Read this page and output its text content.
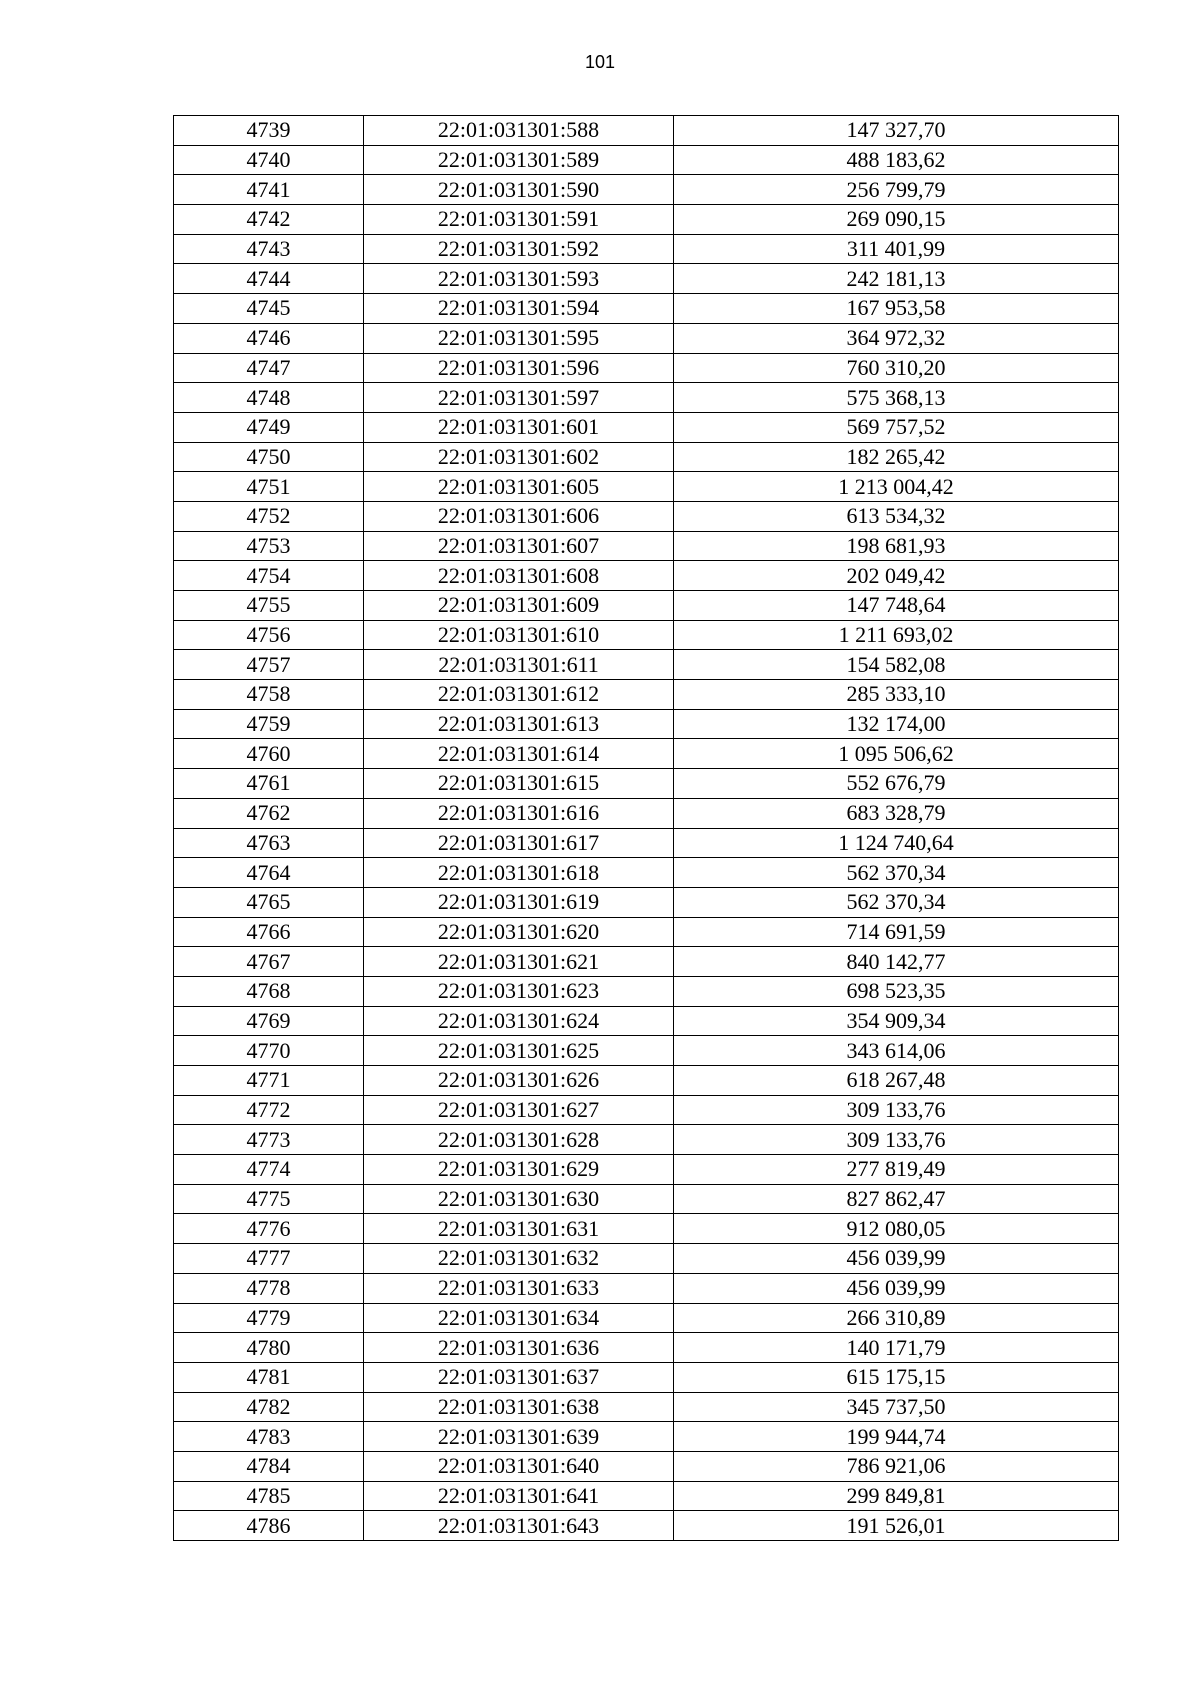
101
4739	22:01:031301:588	147 327,70
4740	22:01:031301:589	488 183,62
4741	22:01:031301:590	256 799,79
4742	22:01:031301:591	269 090,15
4743	22:01:031301:592	311 401,99
4744	22:01:031301:593	242 181,13
4745	22:01:031301:594	167 953,58
4746	22:01:031301:595	364 972,32
4747	22:01:031301:596	760 310,20
4748	22:01:031301:597	575 368,13
4749	22:01:031301:601	569 757,52
4750	22:01:031301:602	182 265,42
4751	22:01:031301:605	1 213 004,42
4752	22:01:031301:606	613 534,32
4753	22:01:031301:607	198 681,93
4754	22:01:031301:608	202 049,42
4755	22:01:031301:609	147 748,64
4756	22:01:031301:610	1 211 693,02
4757	22:01:031301:611	154 582,08
4758	22:01:031301:612	285 333,10
4759	22:01:031301:613	132 174,00
4760	22:01:031301:614	1 095 506,62
4761	22:01:031301:615	552 676,79
4762	22:01:031301:616	683 328,79
4763	22:01:031301:617	1 124 740,64
4764	22:01:031301:618	562 370,34
4765	22:01:031301:619	562 370,34
4766	22:01:031301:620	714 691,59
4767	22:01:031301:621	840 142,77
4768	22:01:031301:623	698 523,35
4769	22:01:031301:624	354 909,34
4770	22:01:031301:625	343 614,06
4771	22:01:031301:626	618 267,48
4772	22:01:031301:627	309 133,76
4773	22:01:031301:628	309 133,76
4774	22:01:031301:629	277 819,49
4775	22:01:031301:630	827 862,47
4776	22:01:031301:631	912 080,05
4777	22:01:031301:632	456 039,99
4778	22:01:031301:633	456 039,99
4779	22:01:031301:634	266 310,89
4780	22:01:031301:636	140 171,79
4781	22:01:031301:637	615 175,15
4782	22:01:031301:638	345 737,50
4783	22:01:031301:639	199 944,74
4784	22:01:031301:640	786 921,06
4785	22:01:031301:641	299 849,81
4786	22:01:031301:643	191 526,01
